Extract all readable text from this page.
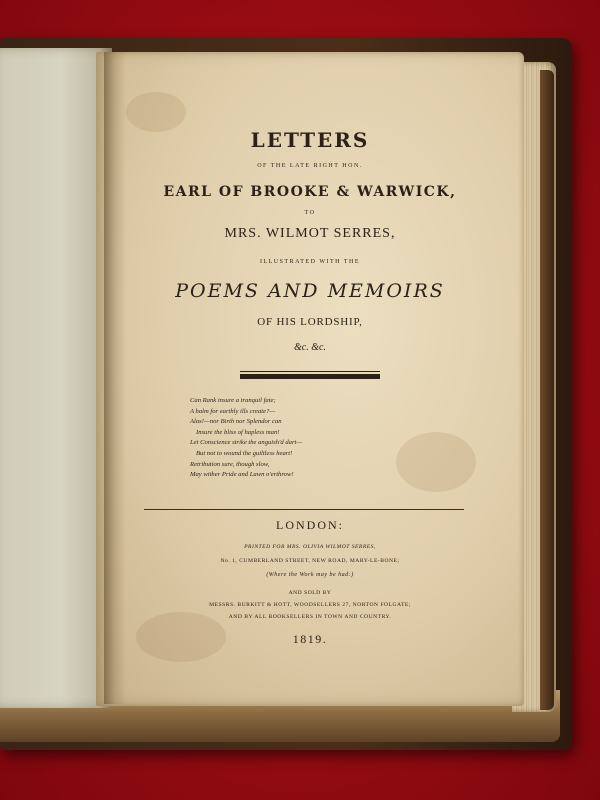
LETTERS
OF THE LATE RIGHT HON.
EARL OF BROOKE & WARWICK,
TO
MRS. WILMOT SERRES,
ILLUSTRATED WITH THE
POEMS AND MEMOIRS
OF HIS LORDSHIP,
&c. &c.
Can Rank insure a tranquil fate;
A balm for earthly ills create?—
Alas!—nor Birth nor Splendor can
Insure the bliss of hapless man!
Let Conscience strike the anguish'd dart—
But not to wound the guiltless heart!
Retribution sure, though slow,
May wither Pride and Lawn o'erthrow!
LONDON:
PRINTED FOR MRS. OLIVIA WILMOT SERRES,
No. 1, CUMBERLAND STREET, NEW ROAD, MARY-LE-BONE;
(Where the Work may be had:)
AND SOLD BY
MESSRS. BURKITT & HOTT, WOODSELLERS 27, NORTON FOLGATE;
AND BY ALL BOOKSELLERS IN TOWN AND COUNTRY.
1819.
